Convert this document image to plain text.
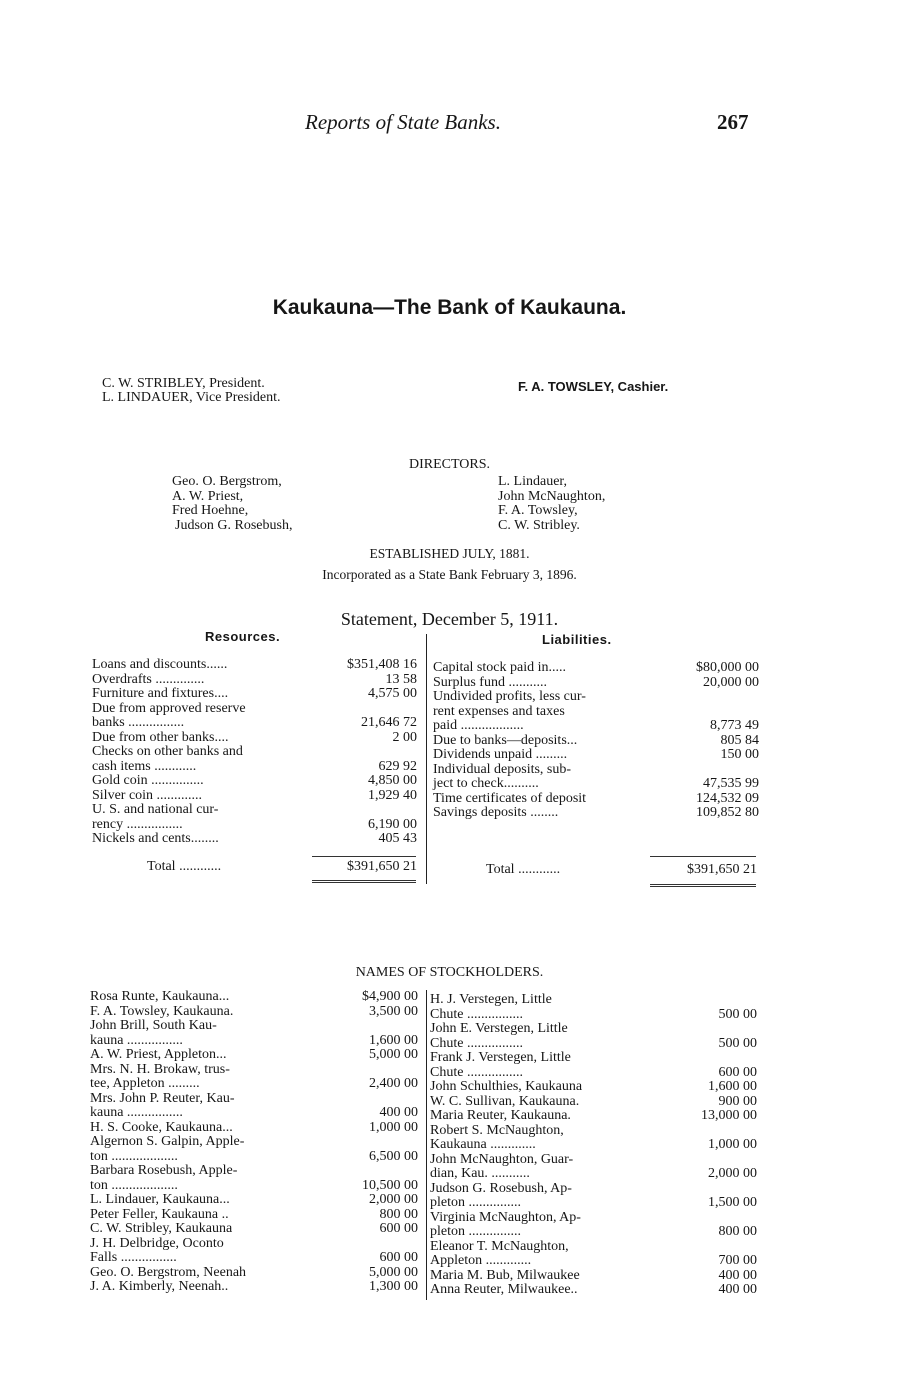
Reports of State Banks.	267
Kaukauna—The Bank of Kaukauna.
C. W. STRIBLEY, President.
L. LINDAUER, Vice President.
F. A. TOWSLEY, Cashier.
DIRECTORS.
Geo. O. Bergstrom,
A. W. Priest,
Fred Hoehne,
Judson G. Rosebush,
L. Lindauer,
John McNaughton,
F. A. Towsley,
C. W. Stribley.
ESTABLISHED JULY, 1881.
Incorporated as a State Bank February 3, 1896.
Statement, December 5, 1911.
Resources.	Liabilities.
Loans and discounts......	$351,408 16
Overdrafts ..............	13 58
Furniture and fixtures....	4,575 00
Due from approved reserve
banks ................	21,646 72
Due from other banks....	2 00
Checks on other banks and
cash items ............	629 92
Gold coin ...............	4,850 00
Silver coin .............	1,929 40
U. S. and national cur-
rency ................	6,190 00
Nickels and cents........	405 43
Capital stock paid in.....	$80,000 00
Surplus fund ...........	20,000 00
Undivided profits, less cur-
rent expenses and taxes
paid ..................	8,773 49
Due to banks—deposits...	805 84
Dividends unpaid .........	150 00
Individual deposits, sub-
ject to check..........	47,535 99
Time certificates of deposit	124,532 09
Savings deposits ........	109,852 80
Total ............	$391,650 21	Total ............	$391,650 21
NAMES OF STOCKHOLDERS.
Rosa Runte, Kaukauna...	$4,900 00
F. A. Towsley, Kaukauna.	3,500 00
John Brill, South Kau-
kauna ................	1,600 00
A. W. Priest, Appleton...	5,000 00
Mrs. N. H. Brokaw, trus-
tee, Appleton .........	2,400 00
Mrs. John P. Reuter, Kau-
kauna ................	400 00
H. S. Cooke, Kaukauna...	1,000 00
Algernon S. Galpin, Apple-
ton ...................	6,500 00
Barbara Rosebush, Apple-
ton ...................	10,500 00
L. Lindauer, Kaukauna...	2,000 00
Peter Feller, Kaukauna ..	800 00
C. W. Stribley, Kaukauna	600 00
J. H. Delbridge, Oconto
Falls ................	600 00
Geo. O. Bergstrom, Neenah	5,000 00
J. A. Kimberly, Neenah..	1,300 00
H. J. Verstegen, Little
Chute ................	500 00
John E. Verstegen, Little
Chute ................	500 00
Frank J. Verstegen, Little
Chute ................	600 00
John Schulthies, Kaukauna	1,600 00
W. C. Sullivan, Kaukauna.	900 00
Maria Reuter, Kaukauna.	13,000 00
Robert S. McNaughton,
Kaukauna .............	1,000 00
John McNaughton, Guar-
dian, Kau. ...........	2,000 00
Judson G. Rosebush, Ap-
pleton ...............	1,500 00
Virginia McNaughton, Ap-
pleton ...............	800 00
Eleanor T. McNaughton,
Appleton .............	700 00
Maria M. Bub, Milwaukee	400 00
Anna Reuter, Milwaukee..	400 00
